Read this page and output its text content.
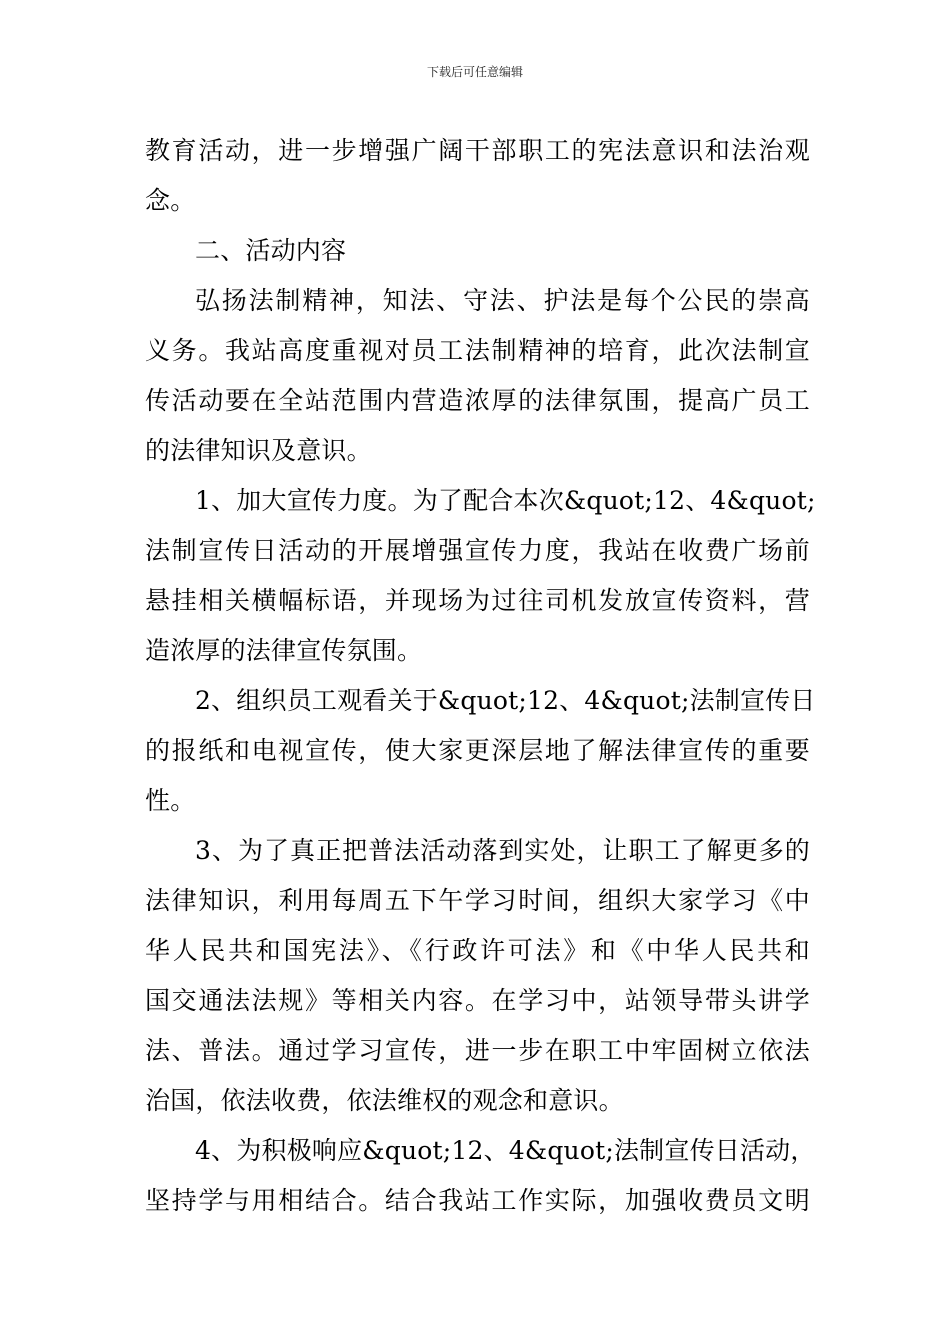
下载后可任意编辑
教育活动，进一步增强广阔干部职工的宪法意识和法治观
念。
二、活动内容
弘扬法制精神，知法、守法、护法是每个公民的崇高
义务。我站高度重视对员工法制精神的培育，此次法制宣
传活动要在全站范围内营造浓厚的法律氛围，提高广员工
的法律知识及意识。
1、加大宣传力度。为了配合本次&quot;12、4&quot;
法制宣传日活动的开展增强宣传力度，我站在收费广场前
悬挂相关横幅标语，并现场为过往司机发放宣传资料，营
造浓厚的法律宣传氛围。
2、组织员工观看关于&quot;12、4&quot;法制宣传日
的报纸和电视宣传，使大家更深层地了解法律宣传的重要
性。
3、为了真正把普法活动落到实处，让职工了解更多的
法律知识，利用每周五下午学习时间，组织大家学习《中
华人民共和国宪法》、《行政许可法》和《中华人民共和
国交通法法规》等相关内容。在学习中，站领导带头讲学
法、普法。通过学习宣传，进一步在职工中牢固树立依法
治国，依法收费，依法维权的观念和意识。
4、为积极响应&quot;12、4&quot;法制宣传日活动，
坚持学与用相结合。结合我站工作实际，加强收费员文明
